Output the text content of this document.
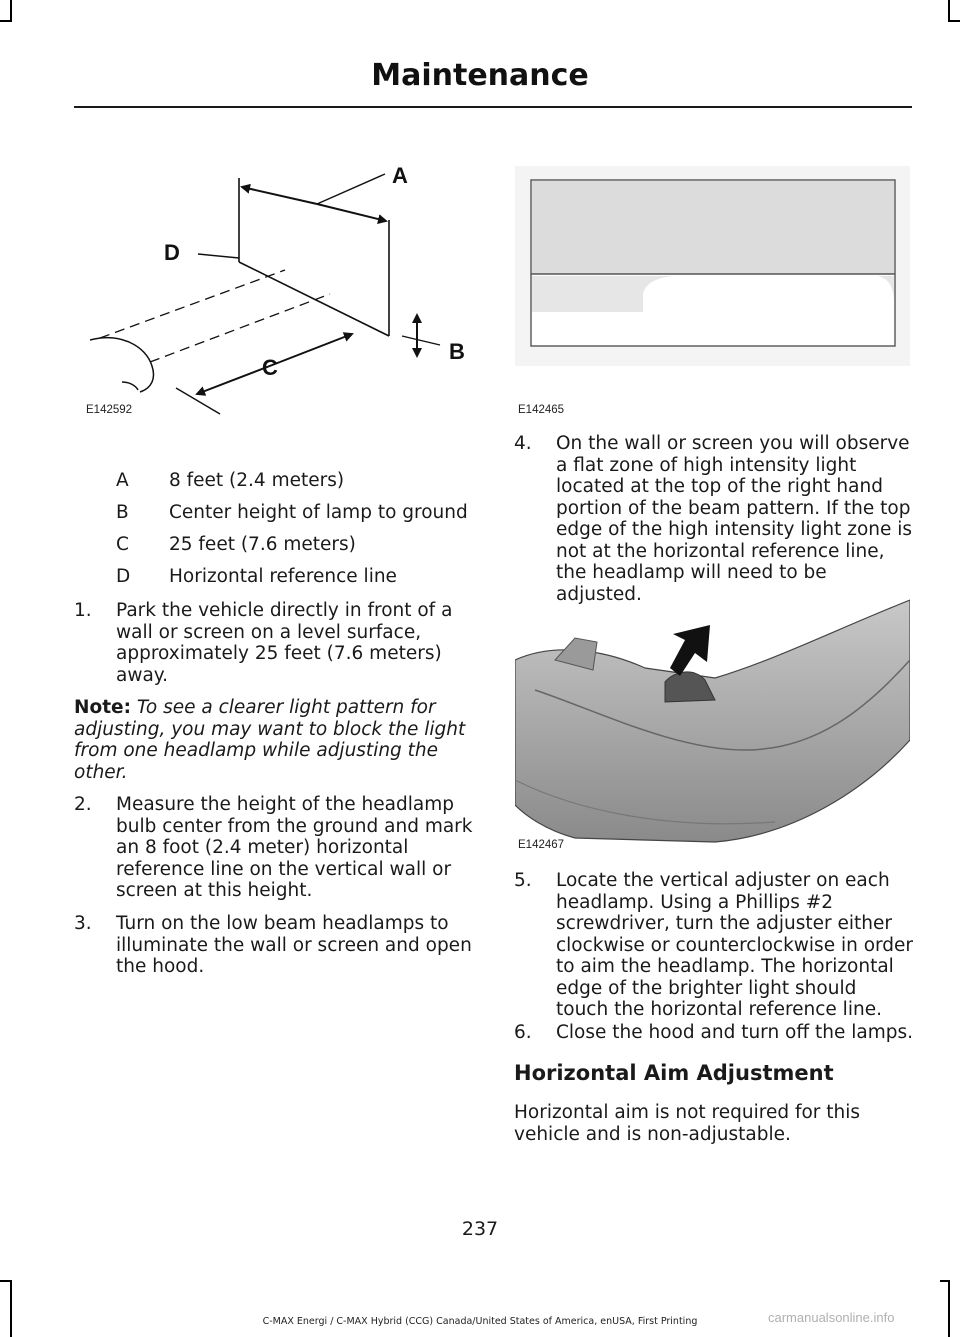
Maintenance
A
B
C
D
E142592	E142465
A 8 feet (2.4 meters)
B Center height of lamp to ground
C 25 feet (7.6 meters)
D Horizontal reference line
1. Park the vehicle directly in front of a wall or screen on a level surface, approximately 25 feet (7.6 meters) away.
Note: To see a clearer light pattern for adjusting, you may want to block the light from one headlamp while adjusting the other.
2. Measure the height of the headlamp bulb center from the ground and mark an 8 foot (2.4 meter) horizontal reference line on the vertical wall or screen at this height.
3. Turn on the low beam headlamps to illuminate the wall or screen and open the hood.
4. On the wall or screen you will observe a flat zone of high intensity light located at the top of the right hand portion of the beam pattern. If the top edge of the high intensity light zone is not at the horizontal reference line, the headlamp will need to be adjusted.
E142467
5. Locate the vertical adjuster on each headlamp. Using a Phillips #2 screwdriver, turn the adjuster either clockwise or counterclockwise in order to aim the headlamp. The horizontal edge of the brighter light should touch the horizontal reference line.
6. Close the hood and turn off the lamps.
Horizontal Aim Adjustment
Horizontal aim is not required for this vehicle and is non-adjustable.
237
C-MAX Energi / C-MAX Hybrid (CCG) Canada/United States of America, enUSA, First Printing	carmanualsonline.info
